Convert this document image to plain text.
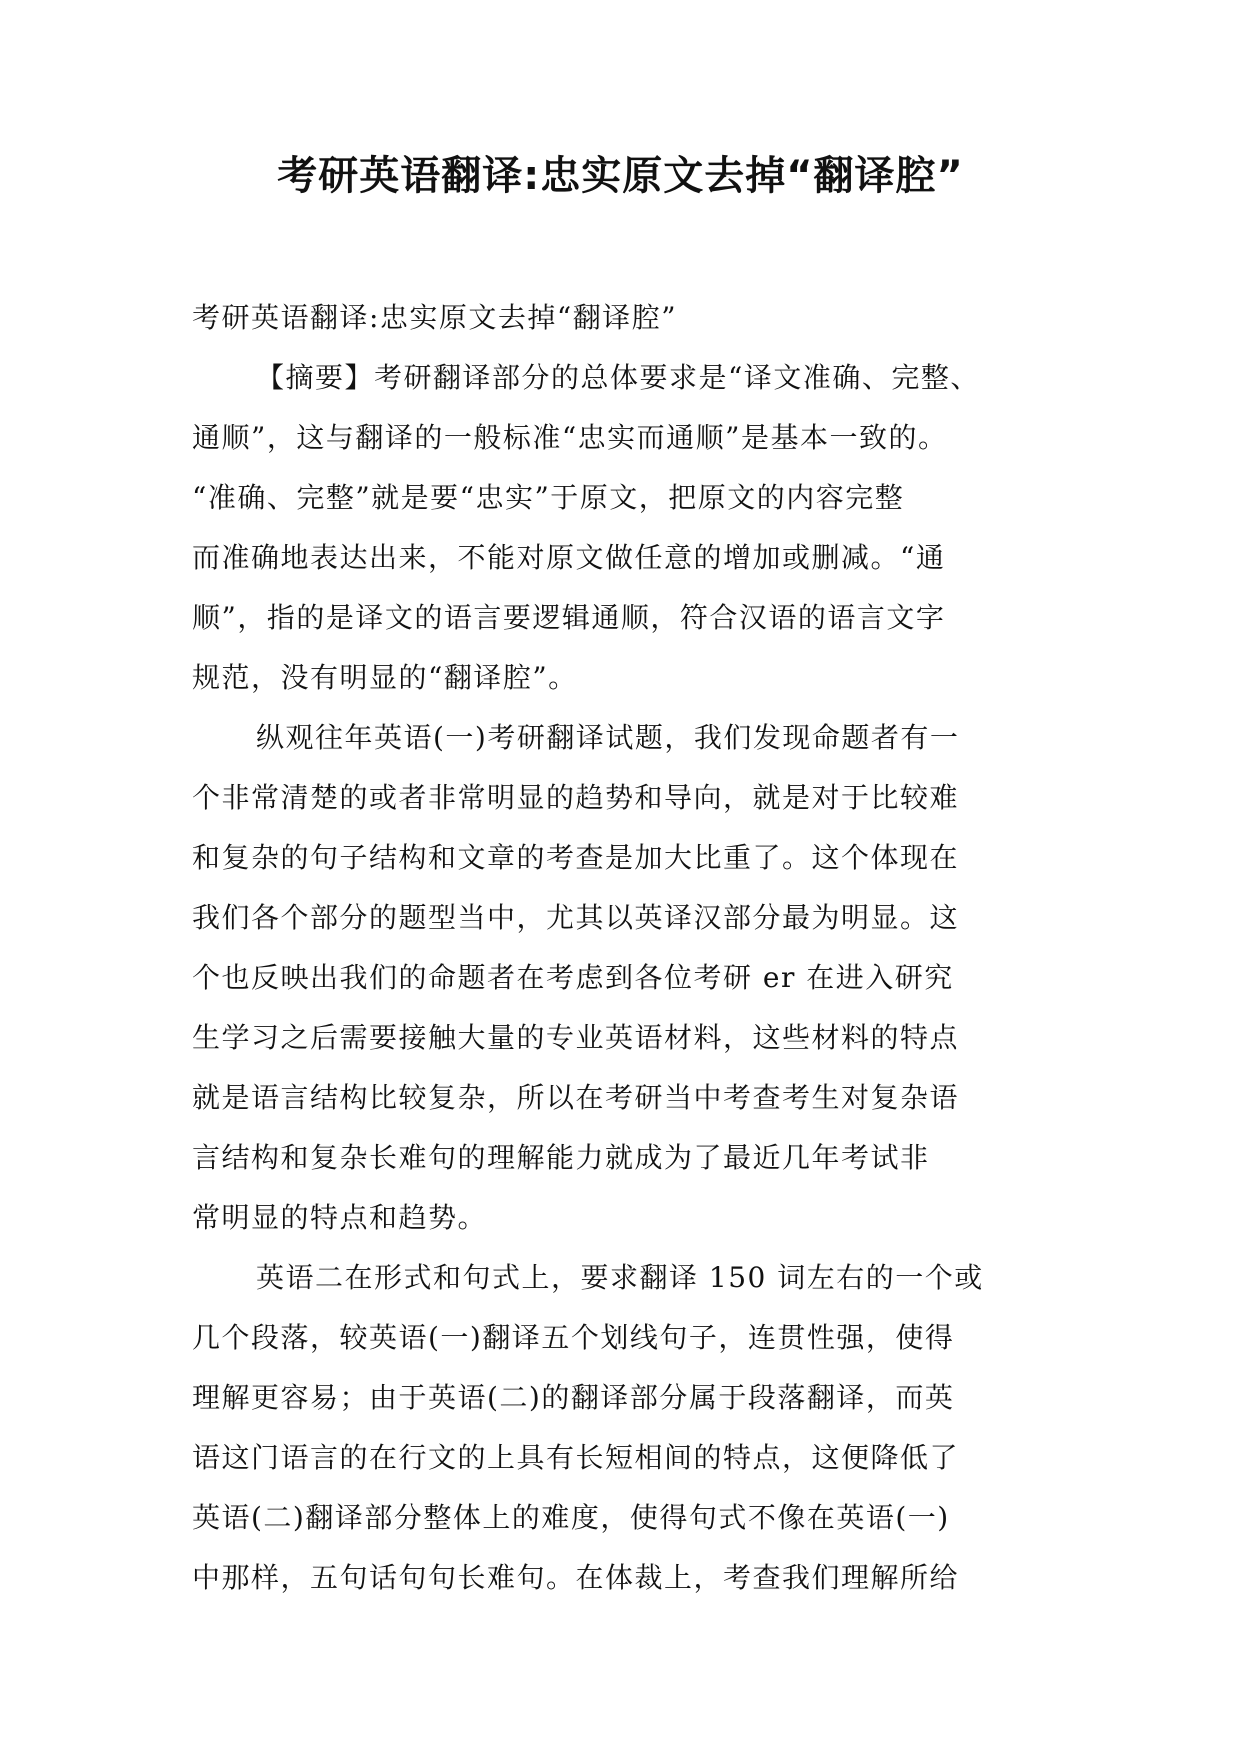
考研英语翻译:忠实原文去掉“翻译腔”
考研英语翻译:忠实原文去掉“翻译腔”
【摘要】考研翻译部分的总体要求是“译文准确、完整、
通顺”，这与翻译的一般标准“忠实而通顺”是基本一致的。
“准确、完整”就是要“忠实”于原文，把原文的内容完整
而准确地表达出来，不能对原文做任意的增加或删减。“通
顺”，指的是译文的语言要逻辑通顺，符合汉语的语言文字
规范，没有明显的“翻译腔”。
纵观往年英语(一)考研翻译试题，我们发现命题者有一
个非常清楚的或者非常明显的趋势和导向，就是对于比较难
和复杂的句子结构和文章的考查是加大比重了。这个体现在
我们各个部分的题型当中，尤其以英译汉部分最为明显。这
个也反映出我们的命题者在考虑到各位考研 er 在进入研究
生学习之后需要接触大量的专业英语材料，这些材料的特点
就是语言结构比较复杂，所以在考研当中考查考生对复杂语
言结构和复杂长难句的理解能力就成为了最近几年考试非
常明显的特点和趋势。
英语二在形式和句式上，要求翻译 150 词左右的一个或
几个段落，较英语(一)翻译五个划线句子，连贯性强，使得
理解更容易；由于英语(二)的翻译部分属于段落翻译，而英
语这门语言的在行文的上具有长短相间的特点，这便降低了
英语(二)翻译部分整体上的难度，使得句式不像在英语(一)
中那样，五句话句句长难句。在体裁上，考查我们理解所给
